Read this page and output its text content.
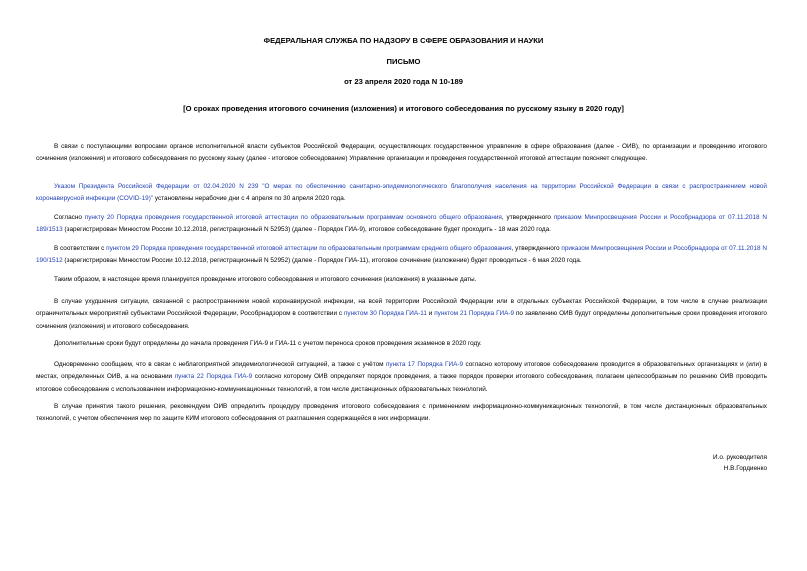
ФЕДЕРАЛЬНАЯ СЛУЖБА ПО НАДЗОРУ В СФЕРЕ ОБРАЗОВАНИЯ И НАУКИ
ПИСЬМО
от 23 апреля 2020 года N 10-189
[О сроках проведения итогового сочинения (изложения) и итогового собеседования по русскому языку в 2020 году]
В связи с поступающими вопросами органов исполнительной власти субъектов Российской Федерации, осуществляющих государственное управление в сфере образования (далее - ОИВ), по организации и проведению итогового сочинения (изложения) и итогового собеседования по русскому языку (далее - итоговое собеседование) Управление организации и проведения государственной итоговой аттестации поясняет следующее.
Указом Президента Российской Федерации от 02.04.2020 N 239 "О мерах по обеспечению санитарно-эпидемиологического благополучия населения на территории Российской Федерации в связи с распространением новой коронавирусной инфекции (COVID-19)" установлены нерабочие дни с 4 апреля по 30 апреля 2020 года.
Согласно пункту 20 Порядка проведения государственной итоговой аттестации по образовательным программам основного общего образования, утвержденного приказом Минпросвещения России и Рособрнадзора от 07.11.2018 N 189/1513 (зарегистрирован Минюстом России 10.12.2018, регистрационный N 52953) (далее - Порядок ГИА-9), итоговое собеседование будет проходить - 18 мая 2020 года.
В соответствии с пунктом 29 Порядка проведения государственной итоговой аттестации по образовательным программам среднего общего образования, утвержденного приказом Минпросвещения России и Рособрнадзора от 07.11.2018 N 190/1512 (зарегистрирован Минюстом России 10.12.2018, регистрационный N 52952) (далее - Порядок ГИА-11), итоговое сочинение (изложение) будет проводиться - 6 мая 2020 года.
Таким образом, в настоящее время планируется проведение итогового собеседования и итогового сочинения (изложения) в указанные даты.
В случае ухудшения ситуации, связанной с распространением новой коронавирусной инфекции, на всей территории Российской Федерации или в отдельных субъектах Российской Федерации, в том числе в случае реализации ограничительных мероприятий субъектами Российской Федерации, Рособрнадзором в соответствии с пунктом 30 Порядка ГИА-11 и пунктом 21 Порядка ГИА-9 по заявлению ОИВ будут определены дополнительные сроки проведения итогового сочинения (изложения) и итогового собеседования.
Дополнительные сроки будут определены до начала проведения ГИА-9 и ГИА-11 с учетом переноса сроков проведения экзаменов в 2020 году.
Одновременно сообщаем, что в связи с неблагоприятной эпидемиологической ситуацией, а также с учётом пункта 17 Порядка ГИА-9 согласно которому итоговое собеседование проводится в образовательных организациях и (или) в местах, определенных ОИВ, а на основании пункта 22 Порядка ГИА-9 согласно которому ОИВ определяет порядок проведения, а также порядок проверки итогового собеседования, полагаем целесообразным по решению ОИВ проводить итоговое собеседование с использованием информационно-коммуникационных технологий, в том числе дистанционных образовательных технологий.
В случае принятия такого решения, рекомендуем ОИВ определить процедуру проведения итогового собеседования с применением информационно-коммуникационных технологий, в том числе дистанционных образовательных технологий, с учетом обеспечения мер по защите КИМ итогового собеседования от разглашения содержащейся в них информации.
И.о. руководителя
Н.В.Гордиенко
